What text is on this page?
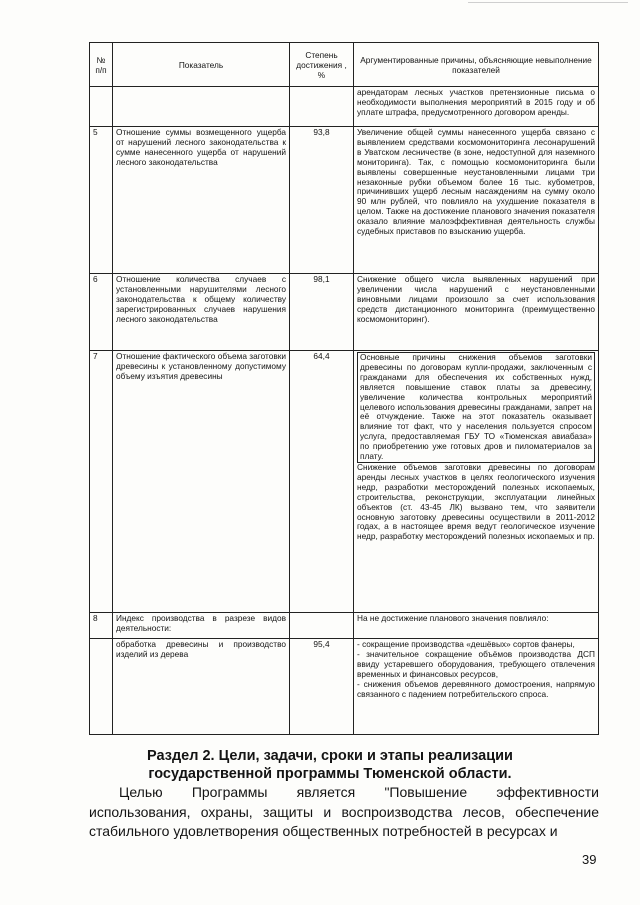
№ п/п	Показатель	Степень достижения , %	Аргументированные причины, объясняющие невыполнение показателей
			арендаторам лесных участков претензионные письма о необходимости выполнения мероприятий в 2015 году и об уплате штрафа, предусмотренного договором аренды.
5	Отношение суммы возмещенного ущерба от нарушений лесного законодательства к сумме нанесенного ущерба от нарушений лесного законодательства	93,8	Увеличение общей суммы нанесенного ущерба связано с выявлением средствами космомониторинга лесонарушений в Уватском лесничестве (в зоне, недоступной для наземного мониторинга). Так, с помощью космомониторинга были выявлены совершенные неустановленными лицами три незаконные рубки объемом более 16 тыс. кубометров, причинивших ущерб лесным насаждениям на сумму около 90 млн рублей, что повлияло на ухудшение показателя в целом. Также на достижение планового значения показателя оказало влияние малоэффективная деятельность службы судебных приставов по взысканию ущерба.
6	Отношение количества случаев с установленными нарушителями лесного законодательства к общему количеству зарегистрированных случаев нарушения лесного законодательства	98,1	Снижение общего числа выявленных нарушений при увеличении числа нарушений с неустановленными виновными лицами произошло за счет использования средств дистанционного мониторинга (преимущественно космомониторинг).
7	Отношение фактического объема заготовки древесины к установленному допустимому объему изъятия древесины	64,4	Основные причины снижения объемов заготовки древесины по договорам купли-продажи, заключенным с гражданами для обеспечения их собственных нужд, является повышение ставок платы за древесину, увеличение количества контрольных мероприятий целевого использования древесины гражданами, запрет на её отчуждение. Также на этот показатель оказывает влияние тот факт, что у населения пользуется спросом услуга, предоставляемая ГБУ ТО «Тюменская авиабаза» по приобретению уже готовых дров и пиломатериалов за плату.

Снижение объемов заготовки древесины по договорам аренды лесных участков в целях геологического изучения недр, разработки месторождений полезных ископаемых, строительства, реконструкции, эксплуатации линейных объектов (ст. 43-45 ЛК) вызвано тем, что заявители основную заготовку древесины осуществили в 2011-2012 годах, а в настоящее время ведут геологическое изучение недр, разработку месторождений полезных ископаемых и пр.

8	Индекс производства в разрезе видов деятельности:		На не достижение планового значения повлияло:
	обработка древесины и производство изделий из дерева	95,4	- сокращение производства «дешёвых» сортов фанеры,

- значительное сокращение объёмов производства ДСП ввиду устаревшего оборудования, требующего отвлечения временных и финансовых ресурсов,

- снижения объемов деревянного домостроения, напрямую связанного с падением потребительского спроса.

Раздел 2. Цели, задачи, сроки и этапы реализации
государственной программы Тюменской области.

Целью Программы является "Повышение эффективности использования, охраны, защиты и воспроизводства лесов, обеспечение стабильного удовлетворения общественных потребностей в ресурсах и

39
